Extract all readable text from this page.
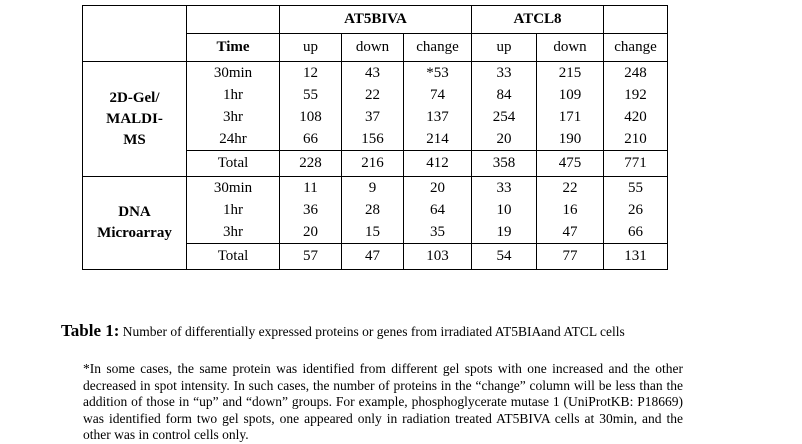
		AT5BIVA			ATCL8		
	Time	up	down	change	up	down	change
2D-Gel/
MALDI-
MS	30min	12	43	*53	33	215	248
	1hr	55	22	74	84	109	192
	3hr	108	37	137	254	171	420
	24hr	66	156	214	20	190	210
	Total	228	216	412	358	475	771
DNA
Microarray	30min	11	9	20	33	22	55
	1hr	36	28	64	10	16	26
	3hr	20	15	35	19	47	66
	Total	57	47	103	54	77	131
Table 1: Number of differentially expressed proteins or genes from irradiated AT5BIAand ATCL cells
*In some cases, the same protein was identified from different gel spots with one increased and the other decreased in spot intensity. In such cases, the number of proteins in the “change” column will be less than the addition of those in “up” and “down” groups. For example, phosphoglycerate mutase 1 (UniProtKB: P18669) was identified form two gel spots, one appeared only in radiation treated AT5BIVA cells at 30min, and the other was in control cells only.
